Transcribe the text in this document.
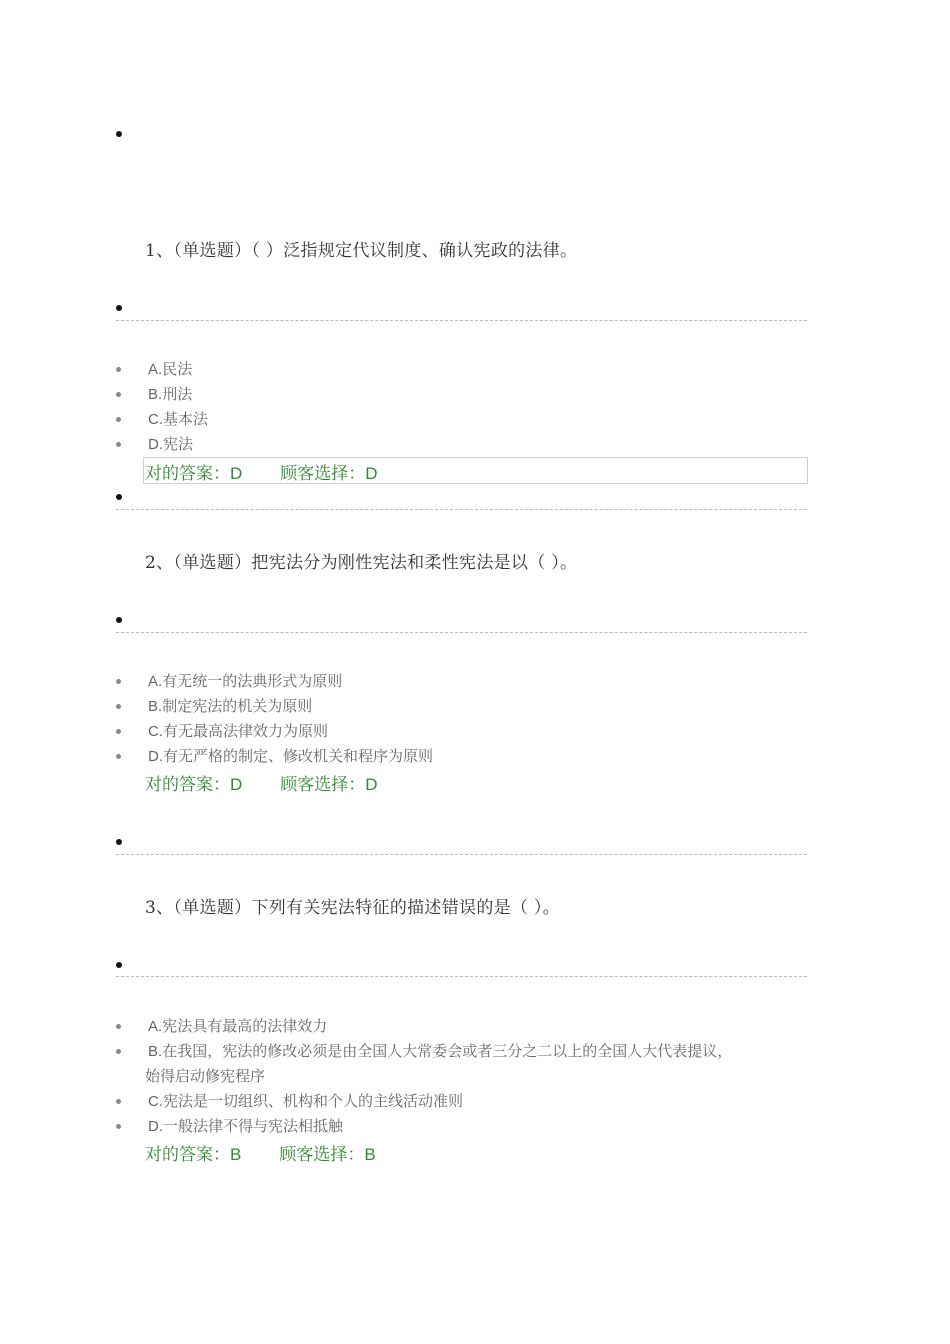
1、（单选题）（ ）泛指规定代议制度、确认宪政的法律。
A.民法
B.刑法
C.基本法
D.宪法
对的答案：D 顾客选择：D
2、（单选题）把宪法分为刚性宪法和柔性宪法是以（ ）。
A.有无统一的法典形式为原则
B.制定宪法的机关为原则
C.有无最高法律效力为原则
D.有无严格的制定、修改机关和程序为原则
对的答案：D 顾客选择：D
3、（单选题）下列有关宪法特征的描述错误的是（ ）。
A.宪法具有最高的法律效力
B.在我国，宪法的修改必须是由全国人大常委会或者三分之二以上的全国人大代表提议，
始得启动修宪程序
C.宪法是一切组织、机构和个人的主线活动准则
D.一般法律不得与宪法相抵触
对的答案：B 顾客选择：B
